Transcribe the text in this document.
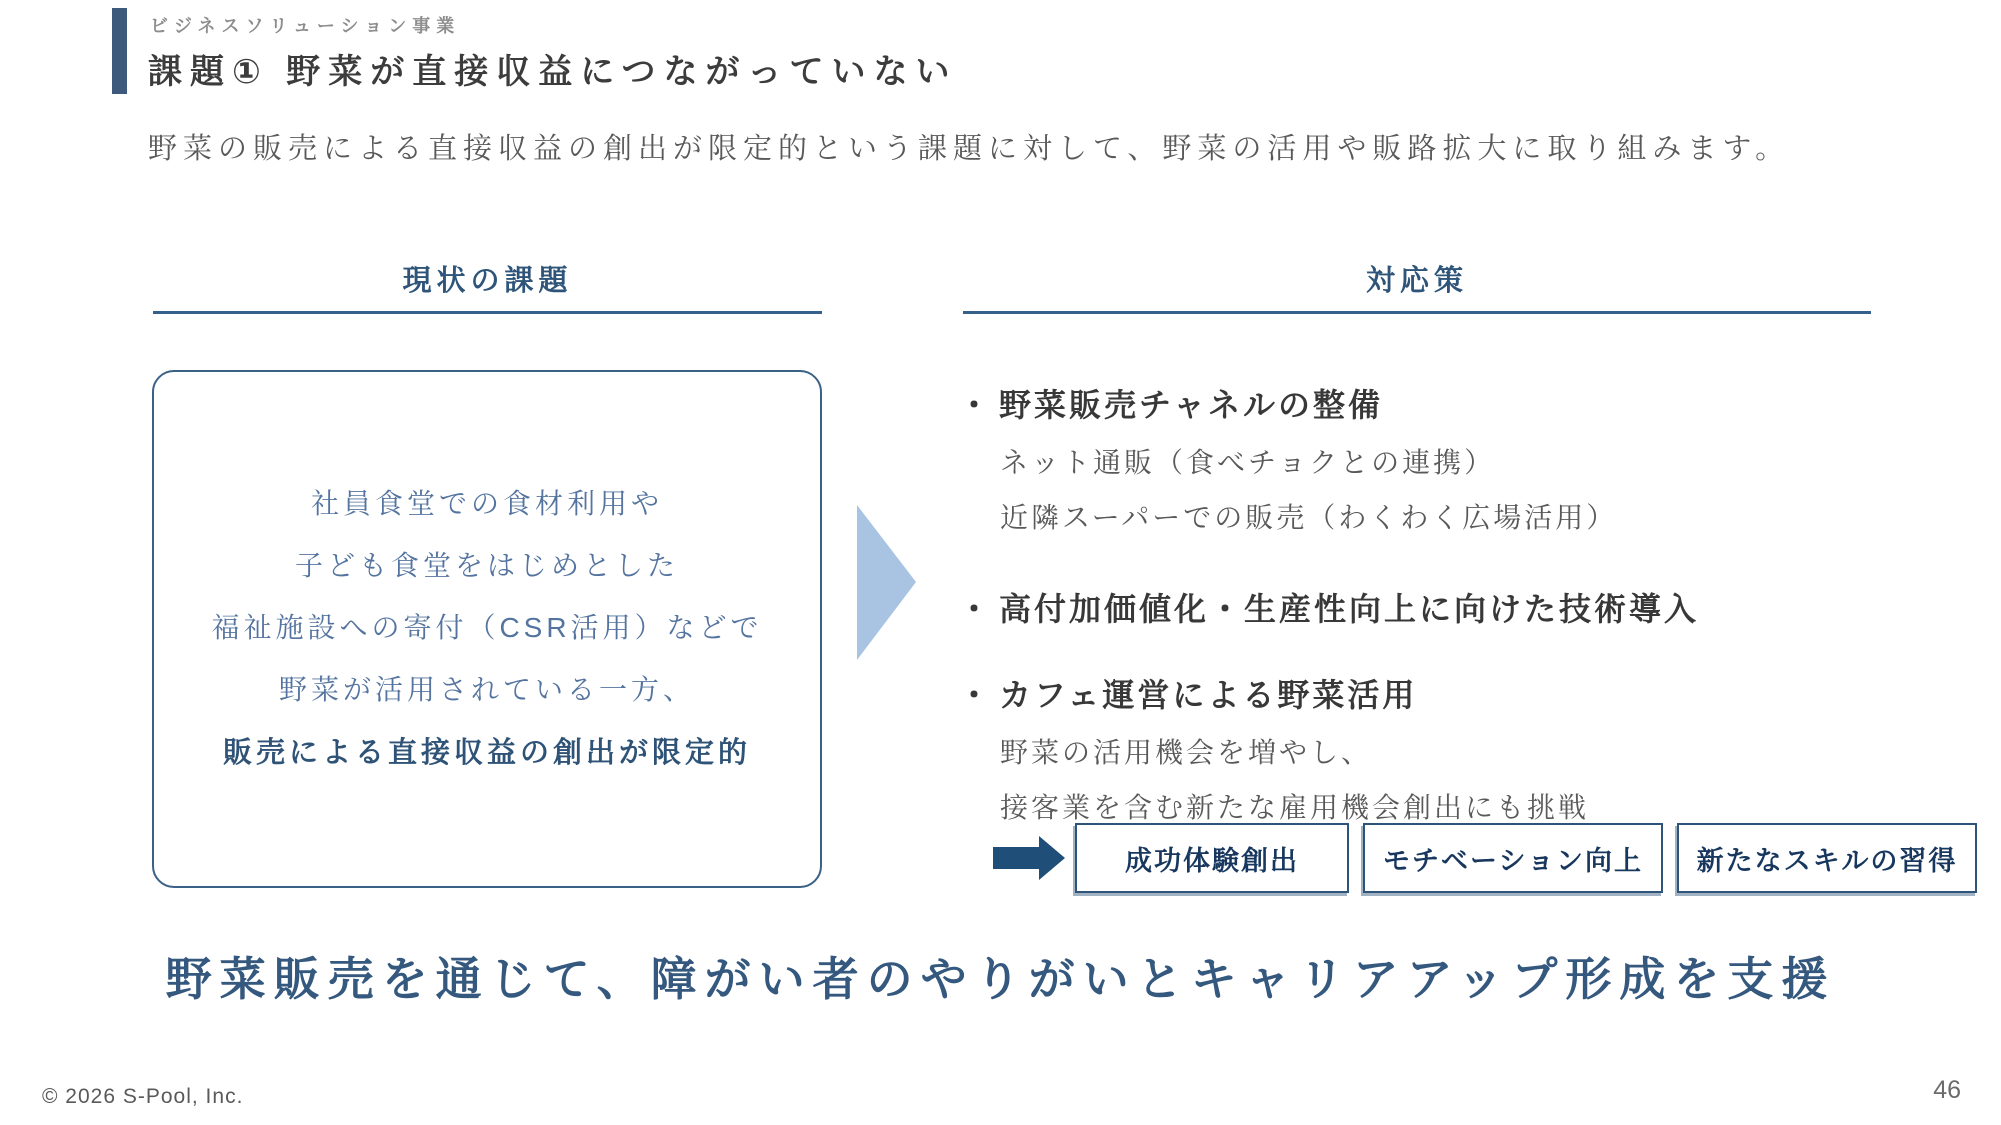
ビジネスソリューション事業
課題① 野菜が直接収益につながっていない
野菜の販売による直接収益の創出が限定的という課題に対して、野菜の活用や販路拡大に取り組みます。
現状の課題	対応策
社員食堂での食材利用や
子ども食堂をはじめとした
福祉施設への寄付（CSR活用）などで
野菜が活用されている一方、
販売による直接収益の創出が限定的
・ 野菜販売チャネルの整備
ネット通販（食べチョクとの連携）
近隣スーパーでの販売（わくわく広場活用）
・ 高付加価値化・生産性向上に向けた技術導入
・ カフェ運営による野菜活用
野菜の活用機会を増やし、
接客業を含む新たな雇用機会創出にも挑戦
成功体験創出	モチベーション向上	新たなスキルの習得
野菜販売を通じて、障がい者のやりがいとキャリアアップ形成を支援
© 2026 S-Pool, Inc.	46
